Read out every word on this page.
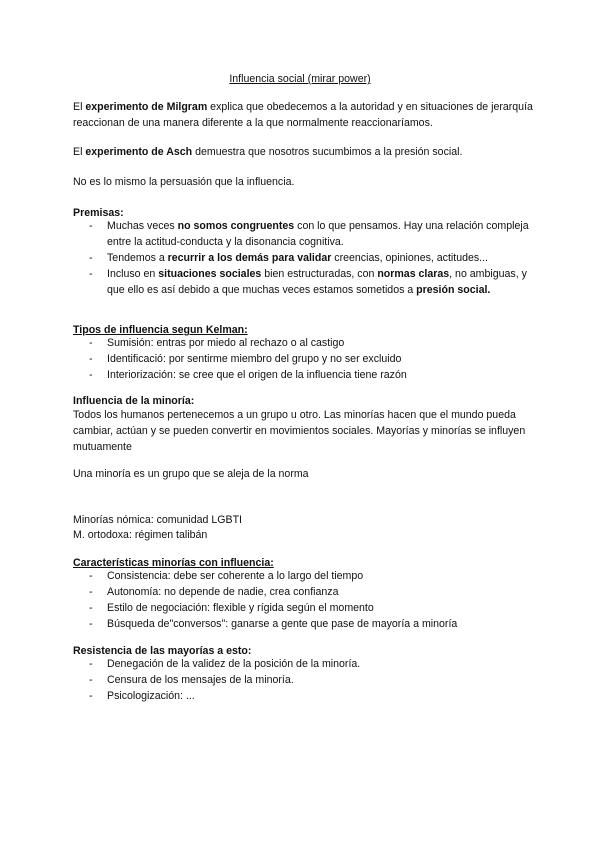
Influencia social (mirar power)
El experimento de Milgram explica que obedecemos a la autoridad y en situaciones de jerarquía reaccionan de una manera diferente a la que normalmente reaccionaríamos.
El experimento de Asch demuestra que nosotros sucumbimos a la presión social.
No es lo mismo la persuasión que la influencia.
Premisas:
- Muchas veces no somos congruentes con lo que pensamos. Hay una relación compleja entre la actitud-conducta y la disonancia cognitiva.
- Tendemos a recurrir a los demás para validar creencias, opiniones, actitudes...
- Incluso en situaciones sociales bien estructuradas, con normas claras, no ambiguas, y que ello es así debido a que muchas veces estamos sometidos a presión social.
Tipos de influencia segun Kelman:
- Sumisión: entras por miedo al rechazo o al castigo
- Identificació: por sentirme miembro del grupo y no ser excluido
- Interiorización: se cree que el origen de la influencia tiene razón
Influencia de la minoría:
Todos los humanos pertenecemos a un grupo u otro. Las minorías hacen que el mundo pueda cambiar, actúan y se pueden convertir en movimientos sociales. Mayorías y minorías se influyen mutuamente
Una minoría es un grupo que se aleja de la norma
Minorías nómica: comunidad LGBTI
M. ortodoxa: régimen talibán
Características minorías con influencia:
- Consistencia: debe ser coherente a lo largo del tiempo
- Autonomía: no depende de nadie, crea confianza
- Estilo de negociación: flexible y rígida según el momento
- Búsqueda de"conversos": ganarse a gente que pase de mayoría a minoría
Resistencia de las mayorías a esto:
- Denegación de la validez de la posición de la minoría.
- Censura de los mensajes de la minoría.
- Psicologización: ...
